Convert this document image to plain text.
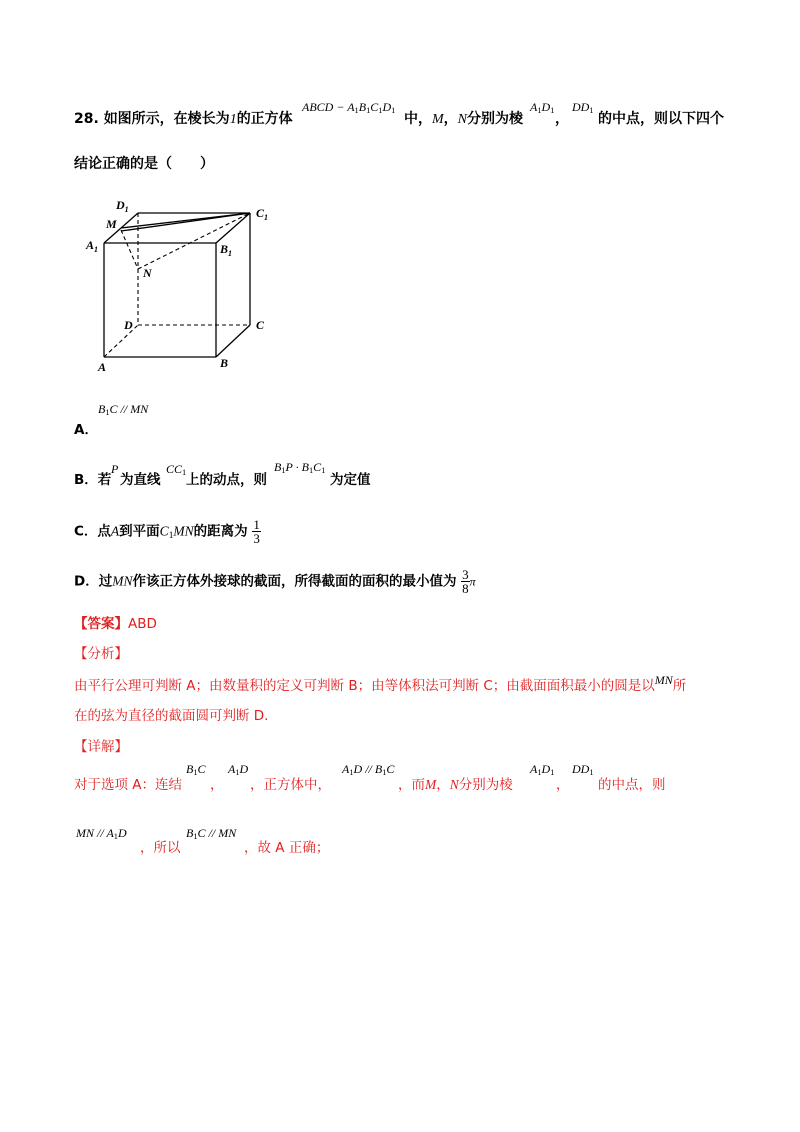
28. 如图所示，在棱长为1的正方体
ABCD − $A_1B_1C_1D_1$
中，M，N分别为棱
$A_1D_1$
，
$DD_1$
的中点，则以下四个
结论正确的是（　　）
$D_1$	$C_1$
M
$A_1$	$B_1$
N
D	C
A	B
$B_1C$ // MN
A．
B．若
P
为直线
$CC_1$ 上的动点，则
$B_1P \cdot B_1C_1$
为定值
C．点A到平面$C_1MN$的距离为 $\frac{1}{3}$
D．过MN作该正方体外接球的截面，所得截面的面积的最小值为 $\frac{3}{8}$ π
【答案】ABD
【分析】
由平行公理可判断 A；由数量积的定义可判断 B；由等体积法可判断 C；由截面面积最小的圆是以MN所
在的弦为直径的截面圆可判断 D.
【详解】
对于选项 A：连结
$B_1C$
，
$A_1D$
，正方体中，
$A_1D // B_1C$
，而M，N分别为棱
$A_1D_1$
，
$DD_1$
的中点，则
MN // $A_1D$
，所以
$B_1C$ // MN
，故 A 正确；
